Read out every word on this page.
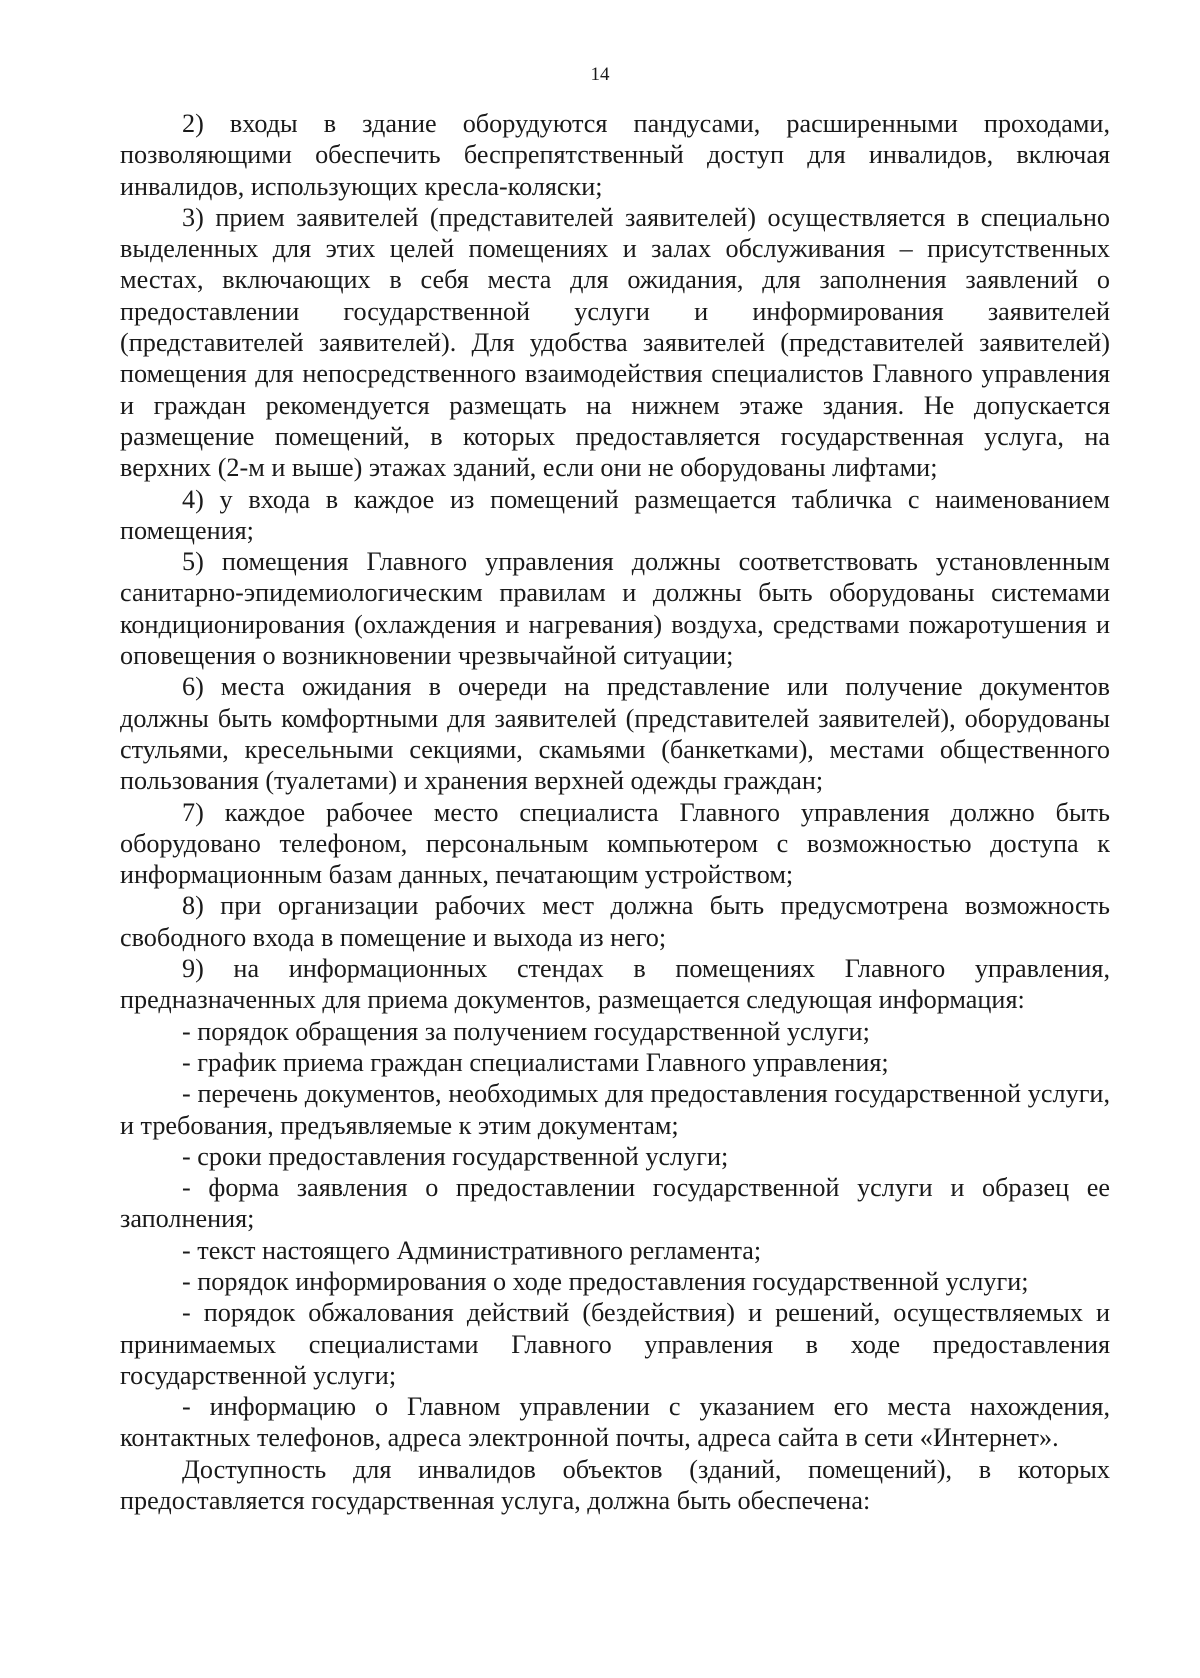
14

2) входы в здание оборудуются пандусами, расширенными проходами, позволяющими обеспечить беспрепятственный доступ для инвалидов, включая инвалидов, использующих кресла-коляски;

3) прием заявителей (представителей заявителей) осуществляется в специально выделенных для этих целей помещениях и залах обслуживания – присутственных местах, включающих в себя места для ожидания, для заполнения заявлений о предоставлении государственной услуги и информирования заявителей (представителей заявителей). Для удобства заявителей (представителей заявителей) помещения для непосредственного взаимодействия специалистов Главного управления и граждан рекомендуется размещать на нижнем этаже здания. Не допускается размещение помещений, в которых предоставляется государственная услуга, на верхних (2-м и выше) этажах зданий, если они не оборудованы лифтами;

4) у входа в каждое из помещений размещается табличка с наименованием помещения;

5) помещения Главного управления должны соответствовать установленным санитарно-эпидемиологическим правилам и должны быть оборудованы системами кондиционирования (охлаждения и нагревания) воздуха, средствами пожаротушения и оповещения о возникновении чрезвычайной ситуации;

6) места ожидания в очереди на представление или получение документов должны быть комфортными для заявителей (представителей заявителей), оборудованы стульями, кресельными секциями, скамьями (банкетками), местами общественного пользования (туалетами) и хранения верхней одежды граждан;

7) каждое рабочее место специалиста Главного управления должно быть оборудовано телефоном, персональным компьютером с возможностью доступа к информационным базам данных, печатающим устройством;

8) при организации рабочих мест должна быть предусмотрена возможность свободного входа в помещение и выхода из него;

9) на информационных стендах в помещениях Главного управления, предназначенных для приема документов, размещается следующая информация:

- порядок обращения за получением государственной услуги;

- график приема граждан специалистами Главного управления;

- перечень документов, необходимых для предоставления государственной услуги, и требования, предъявляемые к этим документам;

- сроки предоставления государственной услуги;

- форма заявления о предоставлении государственной услуги и образец ее заполнения;

- текст настоящего Административного регламента;

- порядок информирования о ходе предоставления государственной услуги;

- порядок обжалования действий (бездействия) и решений, осуществляемых и принимаемых специалистами Главного управления в ходе предоставления государственной услуги;

- информацию о Главном управлении с указанием его места нахождения, контактных телефонов, адреса электронной почты, адреса сайта в сети «Интернет».

Доступность для инвалидов объектов (зданий, помещений), в которых предоставляется государственная услуга, должна быть обеспечена:
